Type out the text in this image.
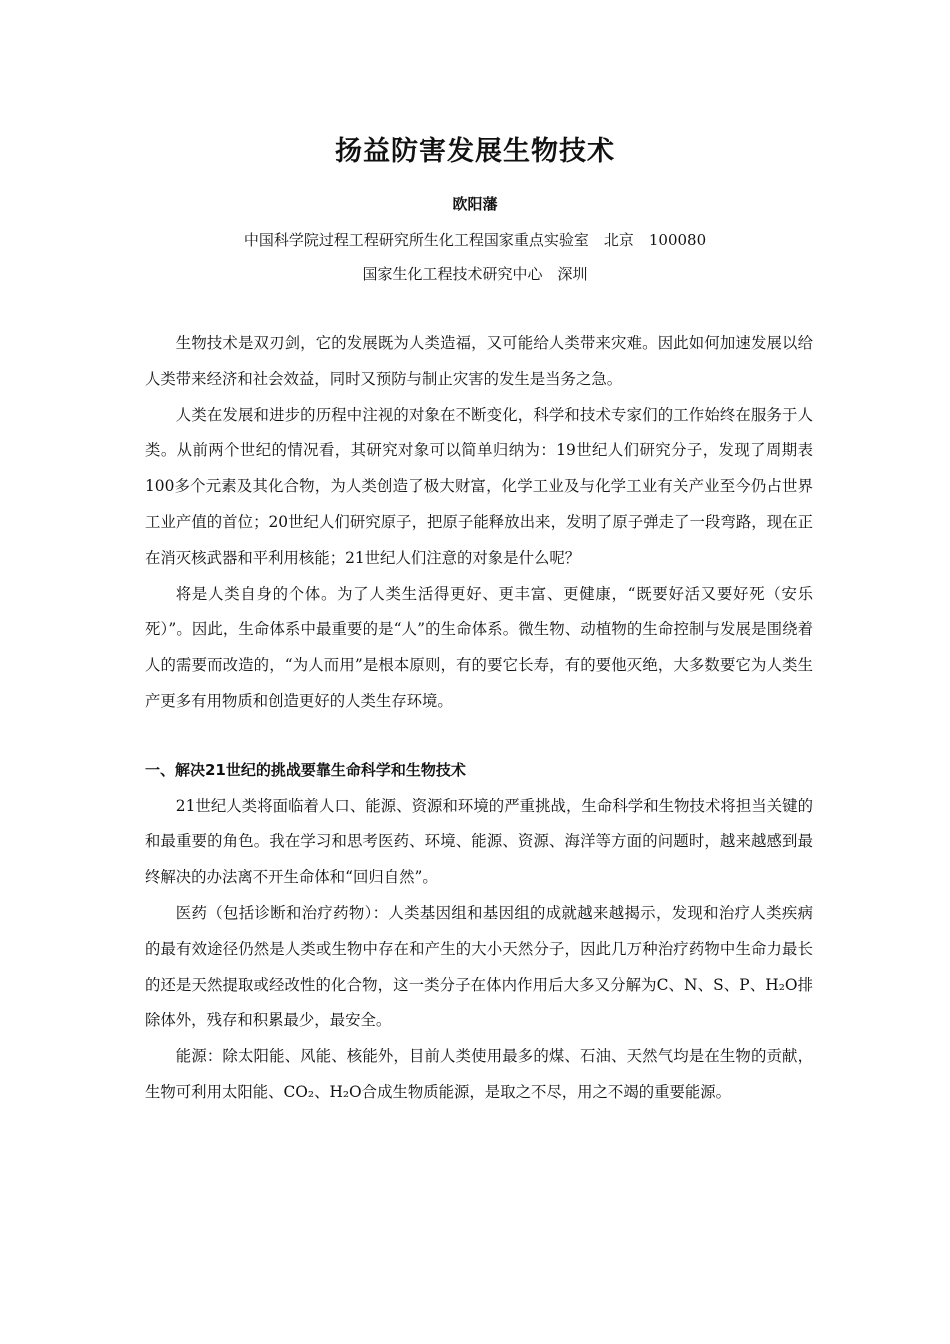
扬益防害发展生物技术
欧阳藩
中国科学院过程工程研究所生化工程国家重点实验室　北京　100080
国家生化工程技术研究中心　深圳

生物技术是双刃剑，它的发展既为人类造福，又可能给人类带来灾难。因此如何加速发展以给人类带来经济和社会效益，同时又预防与制止灾害的发生是当务之急。

人类在发展和进步的历程中注视的对象在不断变化，科学和技术专家们的工作始终在服务于人类。从前两个世纪的情况看，其研究对象可以简单归纳为：19世纪人们研究分子，发现了周期表100多个元素及其化合物，为人类创造了极大财富，化学工业及与化学工业有关产业至今仍占世界工业产值的首位；20世纪人们研究原子，把原子能释放出来，发明了原子弹走了一段弯路，现在正在消灭核武器和平利用核能；21世纪人们注意的对象是什么呢？

将是人类自身的个体。为了人类生活得更好、更丰富、更健康，“既要好活又要好死（安乐死）”。因此，生命体系中最重要的是“人”的生命体系。微生物、动植物的生命控制与发展是围绕着人的需要而改造的，“为人而用”是根本原则，有的要它长寿，有的要他灭绝，大多数要它为人类生产更多有用物质和创造更好的人类生存环境。

一、解决21世纪的挑战要靠生命科学和生物技术

21世纪人类将面临着人口、能源、资源和环境的严重挑战，生命科学和生物技术将担当关键的和最重要的角色。我在学习和思考医药、环境、能源、资源、海洋等方面的问题时，越来越感到最终解决的办法离不开生命体和“回归自然”。

医药（包括诊断和治疗药物）：人类基因组和基因组的成就越来越揭示，发现和治疗人类疾病的最有效途径仍然是人类或生物中存在和产生的大小天然分子，因此几万种治疗药物中生命力最长的还是天然提取或经改性的化合物，这一类分子在体内作用后大多又分解为C、N、S、P、H₂O排除体外，残存和积累最少，最安全。

能源：除太阳能、风能、核能外，目前人类使用最多的煤、石油、天然气均是在生物的贡献，生物可利用太阳能、CO₂、H₂O合成生物质能源，是取之不尽，用之不竭的重要能源。
